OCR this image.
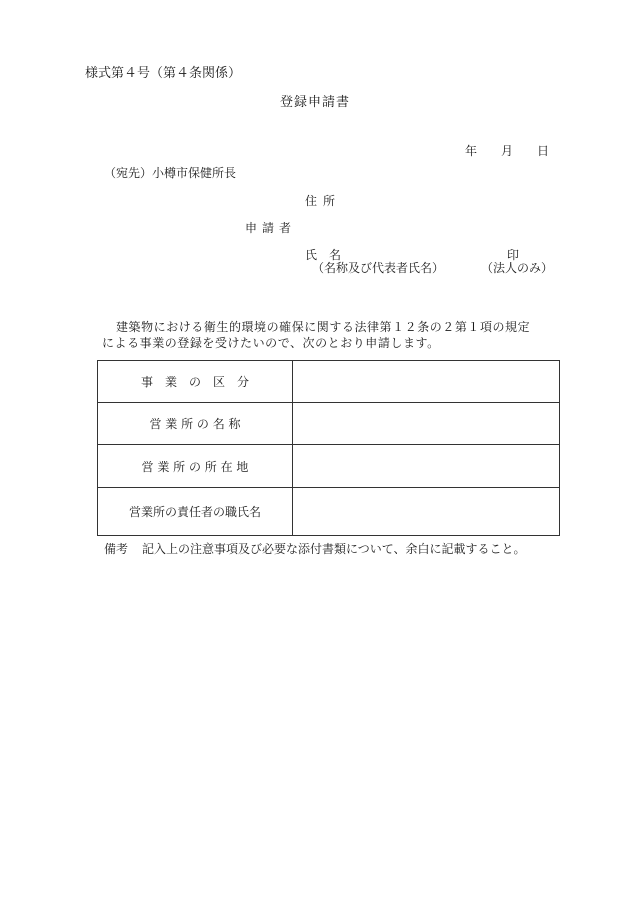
様式第４号（第４条関係）
登録申請書
年 月 日
（宛先）小樽市保健所長
住所
申請者
氏名	印
（名称及び代表者氏名）	（法人のみ）
建築物における衛生的環境の確保に関する法律第１２条の２第１項の規定
による事業の登録を受けたいので、次のとおり申請します。
事　業　の　区　分	
営 業 所 の 名 称	
営 業 所 の 所 在 地	
営業所の責任者の職氏名	
備考 記入上の注意事項及び必要な添付書類について、余白に記載すること。
